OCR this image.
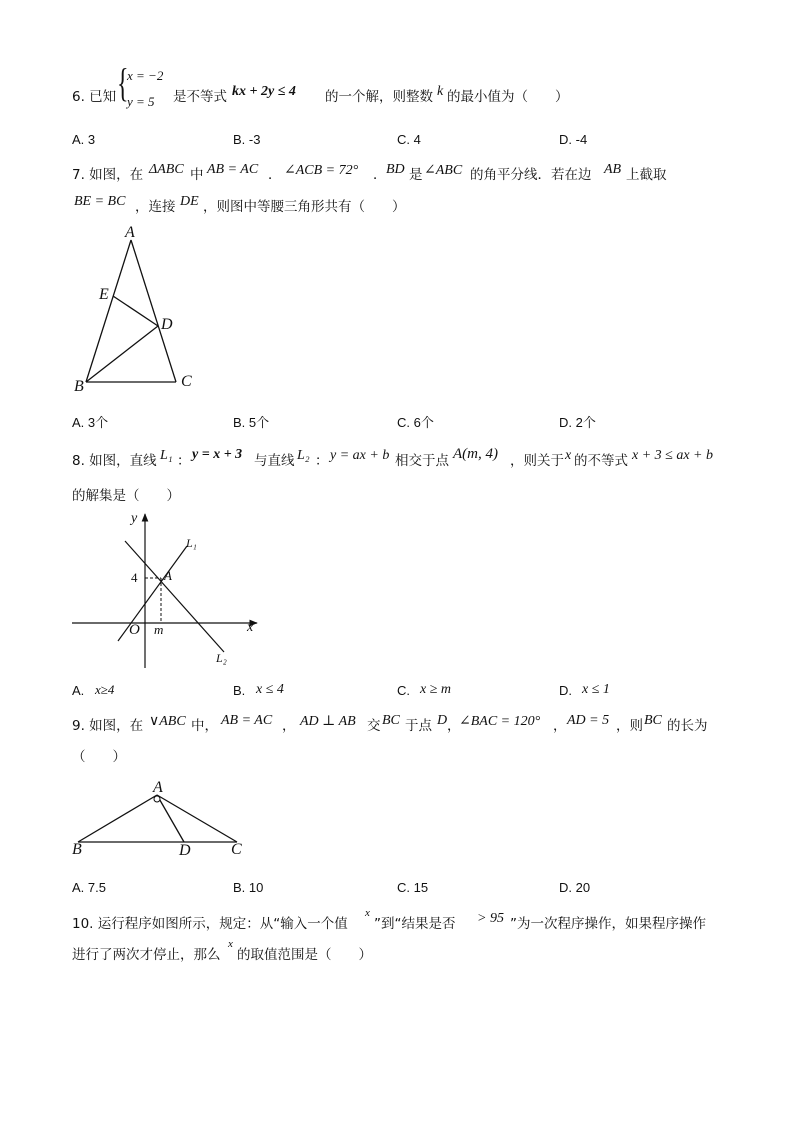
6. 已知 {
x = −2
y = 5 是不等式 kx + 2y ≤ 4 的一个解，则整数 k 的最小值为（　　）
A. 3	B. -3	C. 4	D. -4
7. 如图，在 ΔABC 中 AB = AC ． ∠ACB = 72° ． BD 是 ∠ABC 的角平分线．若在边 AB 上截取
BE = BC ，连接 DE ，则图中等腰三角形共有（　　）
A
E
D
B	C
A. 3个	B. 5个	C. 6个	D. 2个
8. 如图，直线 L₁ ： y = x + 3 与直线 L₂ ： y = ax + b 相交于点 A(m, 4) ，则关于 x 的不等式 x + 3 ≤ ax + b
的解集是（　　）
y
x
O
4 A
m
L₁
L₂
A. x≥4	B. x ≤ 4	C. x ≥ m	D. x ≤ 1
9. 如图，在 ∨ABC 中， AB = AC ， AD ⊥ AB 交 BC 于点 D ，
∠BAC = 120° ， AD = 5 ，则 BC 的长为
（　　）
A
B	D	C
A. 7.5	B. 10	C. 15	D. 20
10. 运行程序如图所示，规定：从“输入一个值
x
”到“结果是否 > 95 ”为一次程序操作，如果程序操作
进行了两次才停止，那么
x
的取值范围是（　　）
